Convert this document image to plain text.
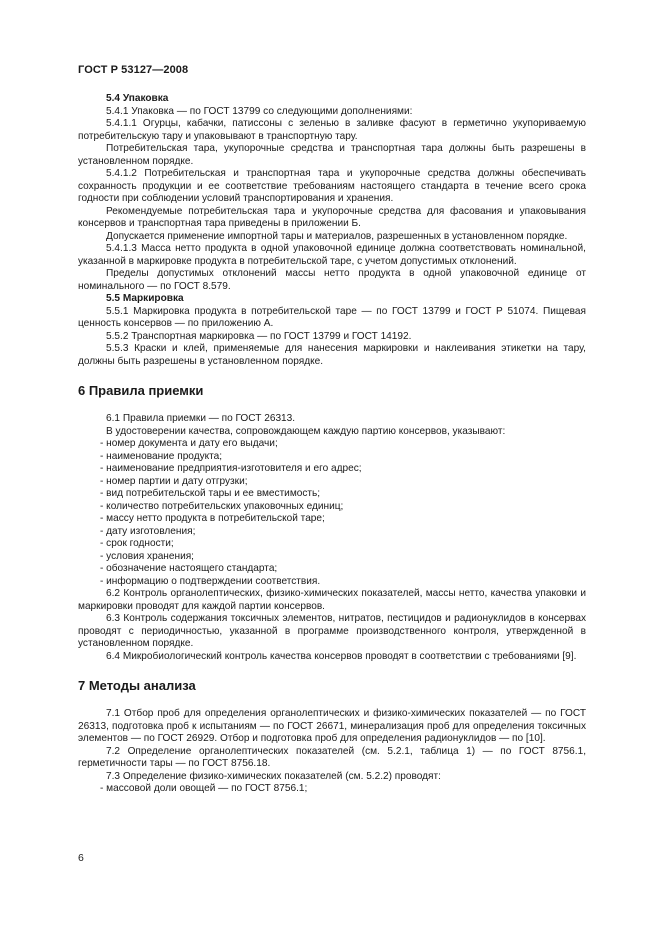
ГОСТ Р 53127—2008

5.4 Упаковка

5.4.1 Упаковка — по ГОСТ 13799 со следующими дополнениями:

5.4.1.1 Огурцы, кабачки, патиссоны с зеленью в заливке фасуют в герметично укупориваемую потребительскую тару и упаковывают в транспортную тару.

Потребительская тара, укупорочные средства и транспортная тара должны быть разрешены в установленном порядке.

5.4.1.2 Потребительская и транспортная тара и укупорочные средства должны обеспечивать сохранность продукции и ее соответствие требованиям настоящего стандарта в течение всего срока годности при соблюдении условий транспортирования и хранения.

Рекомендуемые потребительская тара и укупорочные средства для фасования и упаковывания консервов и транспортная тара приведены в приложении Б.

Допускается применение импортной тары и материалов, разрешенных в установленном порядке.

5.4.1.3 Масса нетто продукта в одной упаковочной единице должна соответствовать номинальной, указанной в маркировке продукта в потребительской таре, с учетом допустимых отклонений.

Пределы допустимых отклонений массы нетто продукта в одной упаковочной единице от номинального — по ГОСТ 8.579.

5.5 Маркировка

5.5.1 Маркировка продукта в потребительской таре — по ГОСТ 13799 и ГОСТ Р 51074. Пищевая ценность консервов — по приложению А.

5.5.2 Транспортная маркировка — по ГОСТ 13799 и ГОСТ 14192.

5.5.3 Краски и клей, применяемые для нанесения маркировки и наклеивания этикетки на тару, должны быть разрешены в установленном порядке.

6 Правила приемки

6.1 Правила приемки — по ГОСТ 26313.

В удостоверении качества, сопровождающем каждую партию консервов, указывают:

- номер документа и дату его выдачи;

- наименование продукта;

- наименование предприятия-изготовителя и его адрес;

- номер партии и дату отгрузки;

- вид потребительской тары и ее вместимость;

- количество потребительских упаковочных единиц;

- массу нетто продукта в потребительской таре;

- дату изготовления;

- срок годности;

- условия хранения;

- обозначение настоящего стандарта;

- информацию о подтверждении соответствия.

6.2 Контроль органолептических, физико-химических показателей, массы нетто, качества упаковки и маркировки проводят для каждой партии консервов.

6.3 Контроль содержания токсичных элементов, нитратов, пестицидов и радионуклидов в консервах проводят с периодичностью, указанной в программе производственного контроля, утвержденной в установленном порядке.

6.4 Микробиологический контроль качества консервов проводят в соответствии с требованиями [9].

7 Методы анализа

7.1 Отбор проб для определения органолептических и физико-химических показателей — по ГОСТ 26313, подготовка проб к испытаниям — по ГОСТ 26671, минерализация проб для определения токсичных элементов — по ГОСТ 26929. Отбор и подготовка проб для определения радионуклидов — по [10].

7.2 Определение органолептических показателей (см. 5.2.1, таблица 1) — по ГОСТ 8756.1, герметичности тары — по ГОСТ 8756.18.

7.3 Определение физико-химических показателей (см. 5.2.2) проводят:

- массовой доли овощей — по ГОСТ 8756.1;

6
